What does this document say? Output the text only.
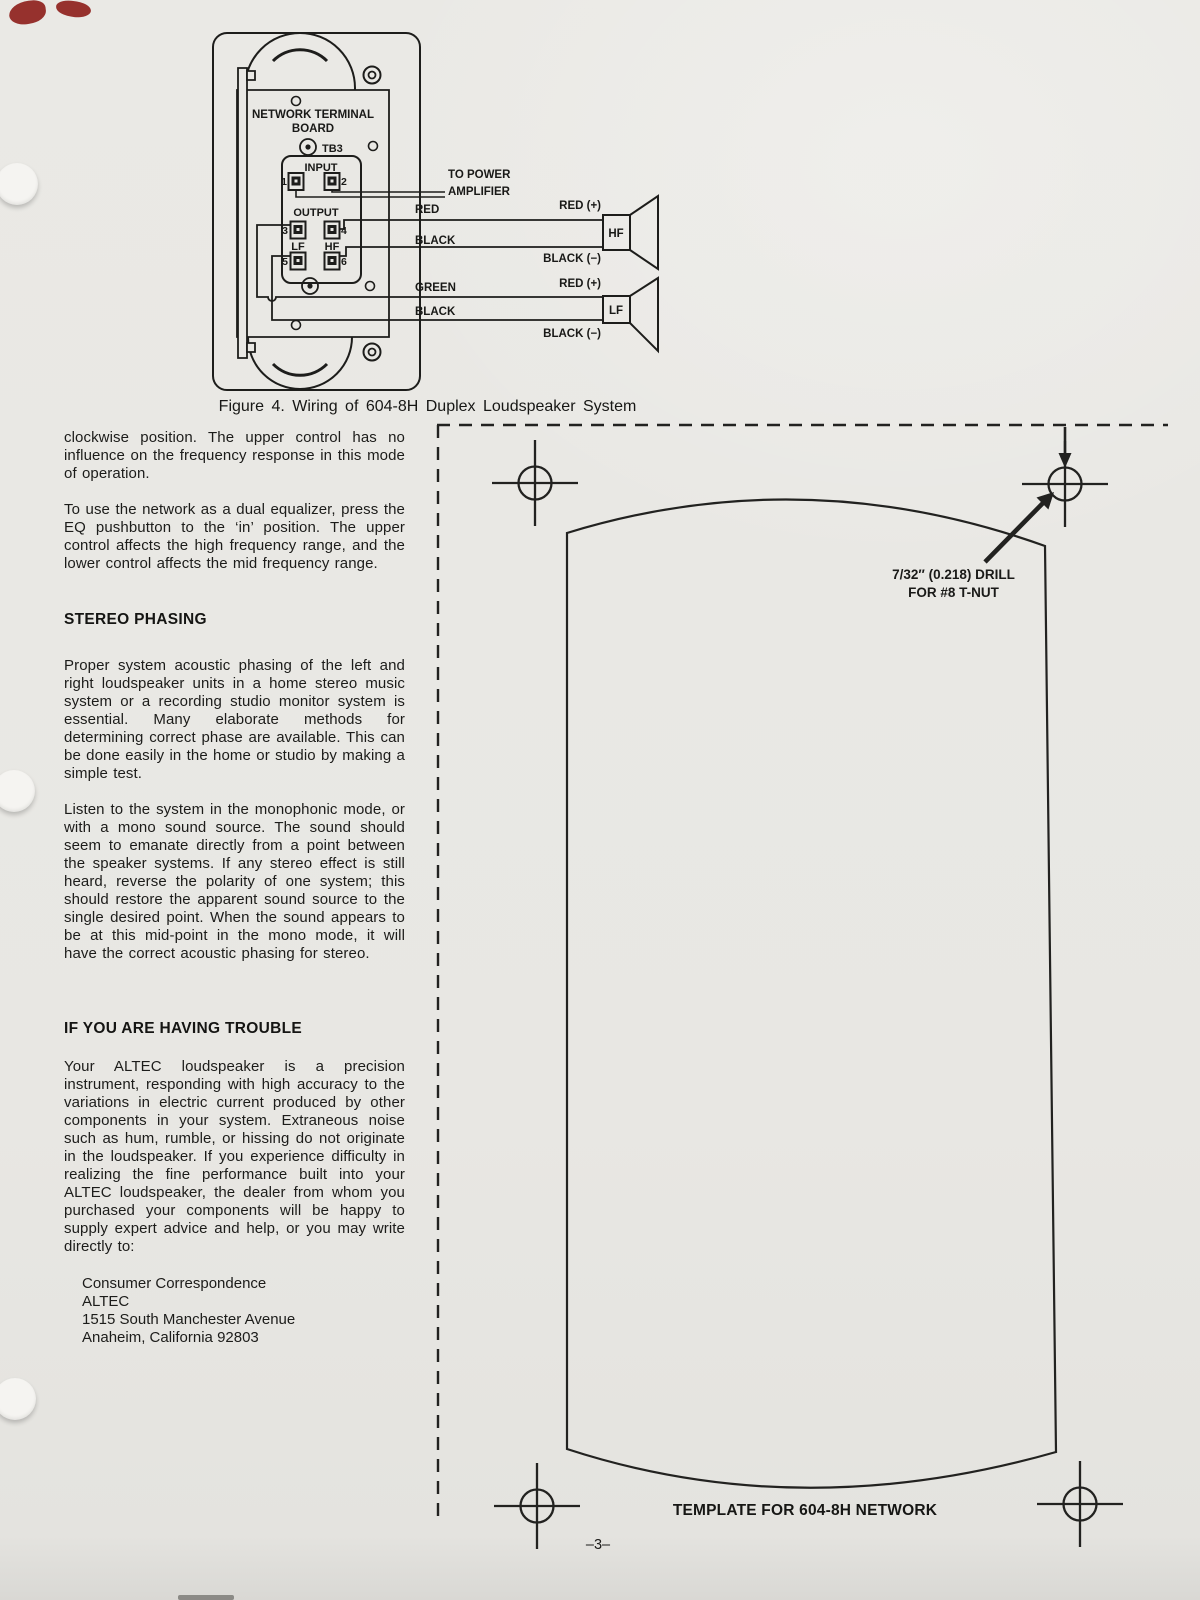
NETWORK TERMINAL
BOARD
TB3
INPUT
OUTPUT
1	2
3	4
5	6
LF HF
TO POWER
AMPLIFIER
RED
BLACK
GREEN
BLACK
RED (+)
BLACK (−)
RED (+)
BLACK (−)
HF
LF
Figure 4. Wiring of 604-8H Duplex Loudspeaker System

clockwise position. The upper control has no influence on the frequency response in this mode of operation.

To use the network as a dual equalizer, press the EQ pushbutton to the ‘in’ position. The upper control affects the high frequency range, and the lower control affects the mid frequency range.

STEREO PHASING

Proper system acoustic phasing of the left and right loudspeaker units in a home stereo music system or a recording studio monitor system is essential. Many elaborate methods for determining correct phase are available. This can be done easily in the home or studio by making a simple test.

Listen to the system in the monophonic mode, or with a mono sound source. The sound should seem to emanate directly from a point between the speaker systems. If any stereo effect is still heard, reverse the polarity of one system; this should restore the apparent sound source to the single desired point. When the sound appears to be at this mid-point in the mono mode, it will have the correct acoustic phasing for stereo.

IF YOU ARE HAVING TROUBLE

Your ALTEC loudspeaker is a precision instrument, responding with high accuracy to the variations in electric current produced by other components in your system. Extraneous noise such as hum, rumble, or hissing do not originate in the loudspeaker. If you experience difficulty in realizing the fine performance built into your ALTEC loudspeaker, the dealer from whom you purchased your components will be happy to supply expert advice and help, or you may write directly to:

Consumer Correspondence
ALTEC
1515 South Manchester Avenue
Anaheim, California 92803
7/32″ (0.218) DRILL
FOR #8 T-NUT
TEMPLATE FOR 604-8H NETWORK
–3–
